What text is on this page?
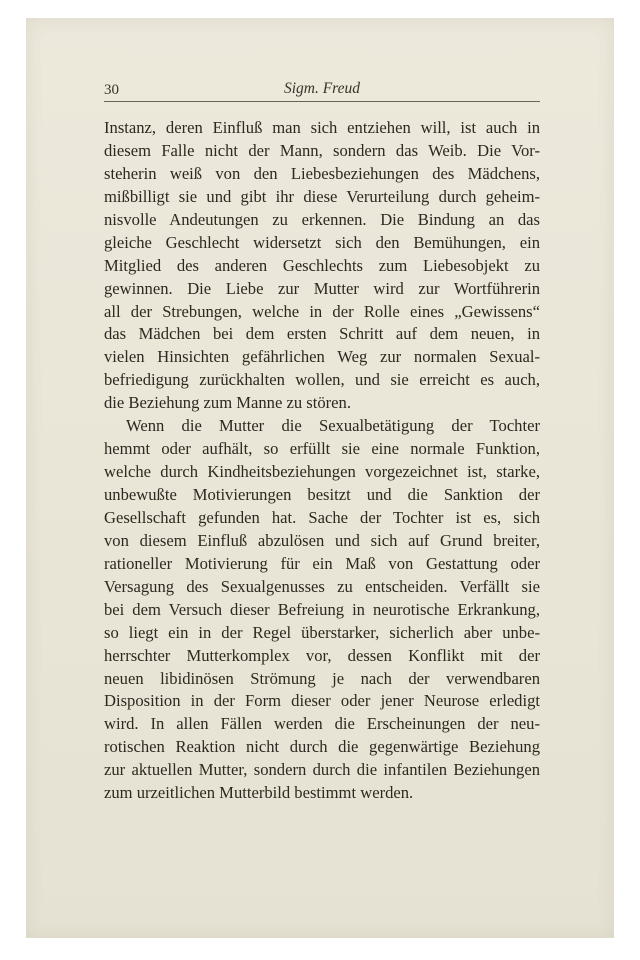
30	Sigm. Freud
Instanz, deren Einfluß man sich entziehen will, ist auch in
diesem Falle nicht der Mann, sondern das Weib. Die Vor-
steherin weiß von den Liebesbeziehungen des Mädchens,
mißbilligt sie und gibt ihr diese Verurteilung durch geheim-
nisvolle Andeutungen zu erkennen. Die Bindung an das
gleiche Geschlecht widersetzt sich den Bemühungen, ein
Mitglied des anderen Geschlechts zum Liebesobjekt zu
gewinnen. Die Liebe zur Mutter wird zur Wortführerin
all der Strebungen, welche in der Rolle eines „Gewissens“
das Mädchen bei dem ersten Schritt auf dem neuen, in
vielen Hinsichten gefährlichen Weg zur normalen Sexual-
befriedigung zurückhalten wollen, und sie erreicht es auch,
die Beziehung zum Manne zu stören.
Wenn die Mutter die Sexualbetätigung der Tochter
hemmt oder aufhält, so erfüllt sie eine normale Funktion,
welche durch Kindheitsbeziehungen vorgezeichnet ist, starke,
unbewußte Motivierungen besitzt und die Sanktion der
Gesellschaft gefunden hat. Sache der Tochter ist es, sich
von diesem Einfluß abzulösen und sich auf Grund breiter,
rationeller Motivierung für ein Maß von Gestattung oder
Versagung des Sexualgenusses zu entscheiden. Verfällt sie
bei dem Versuch dieser Befreiung in neurotische Erkrankung,
so liegt ein in der Regel überstarker, sicherlich aber unbe-
herrschter Mutterkomplex vor, dessen Konflikt mit der
neuen libidinösen Strömung je nach der verwendbaren
Disposition in der Form dieser oder jener Neurose erledigt
wird. In allen Fällen werden die Erscheinungen der neu-
rotischen Reaktion nicht durch die gegenwärtige Beziehung
zur aktuellen Mutter, sondern durch die infantilen Beziehungen
zum urzeitlichen Mutterbild bestimmt werden.
